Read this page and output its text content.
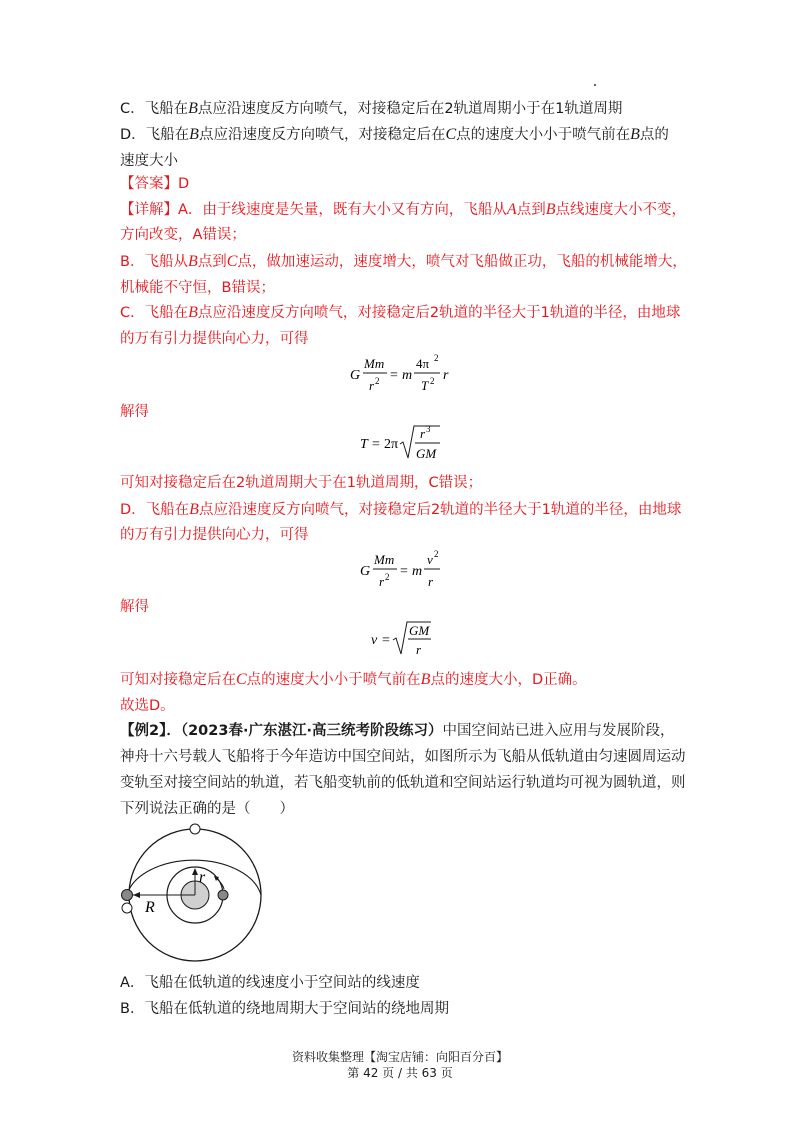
C．飞船在B点应沿速度反方向喷气，对接稳定后在2轨道周期小于在1轨道周期
D．飞船在B点应沿速度反方向喷气，对接稳定后在C点的速度大小小于喷气前在B点的
速度大小
【答案】D
【详解】A．由于线速度是矢量，既有大小又有方向，飞船从A点到B点线速度大小不变，
方向改变，A错误；
B．飞船从B点到C点，做加速运动，速度增大，喷气对飞船做正功，飞船的机械能增大，
机械能不守恒，B错误；
C．飞船在B点应沿速度反方向喷气，对接稳定后2轨道的半径大于1轨道的半径，由地球
的万有引力提供向心力，可得
G
Mm
r 2 = m
4π 2
T 2 r
解得
T = 2π
r 3
GM
可知对接稳定后在2轨道周期大于在1轨道周期，C错误；
D．飞船在B点应沿速度反方向喷气，对接稳定后2轨道的半径大于1轨道的半径，由地球
的万有引力提供向心力，可得
G
Mm
r 2 = m
v 2
r
解得
v =
GM
r
可知对接稳定后在C点的速度大小小于喷气前在B点的速度大小，D正确。
故选D。
【例2】．（2023春·广东湛江·高三统考阶段练习）中国空间站已进入应用与发展阶段，
神舟十六号载人飞船将于今年造访中国空间站，如图所示为飞船从低轨道由匀速圆周运动
变轨至对接空间站的轨道，若飞船变轨前的低轨道和空间站运行轨道均可视为圆轨道，则
下列说法正确的是（　　）
R
r
A．飞船在低轨道的线速度小于空间站的线速度
B．飞船在低轨道的绕地周期大于空间站的绕地周期
资料收集整理【淘宝店铺：向阳百分百】
第 42 页 / 共 63 页
